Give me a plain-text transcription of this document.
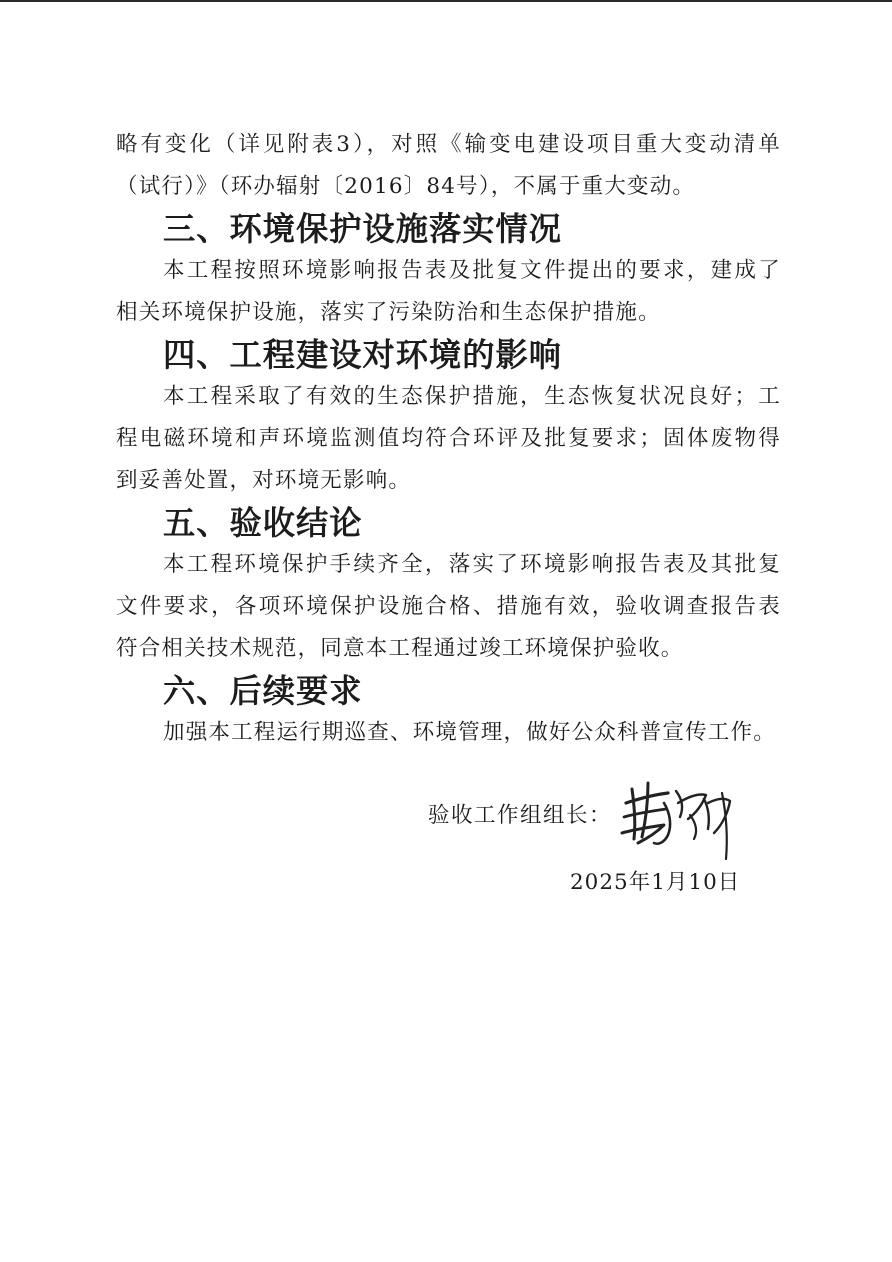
略有变化（详见附表3），对照《输变电建设项目重大变动清单
（试行）》（环办辐射〔2016〕84号），不属于重大变动。

三、环境保护设施落实情况

本工程按照环境影响报告表及批复文件提出的要求，建成了
相关环境保护设施，落实了污染防治和生态保护措施。

四、工程建设对环境的影响

本工程采取了有效的生态保护措施，生态恢复状况良好；工
程电磁环境和声环境监测值均符合环评及批复要求；固体废物得
到妥善处置，对环境无影响。

五、验收结论

本工程环境保护手续齐全，落实了环境影响报告表及其批复
文件要求，各项环境保护设施合格、措施有效，验收调查报告表
符合相关技术规范，同意本工程通过竣工环境保护验收。

六、后续要求

加强本工程运行期巡查、环境管理，做好公众科普宣传工作。

验收工作组组长：
2025年1月10日
